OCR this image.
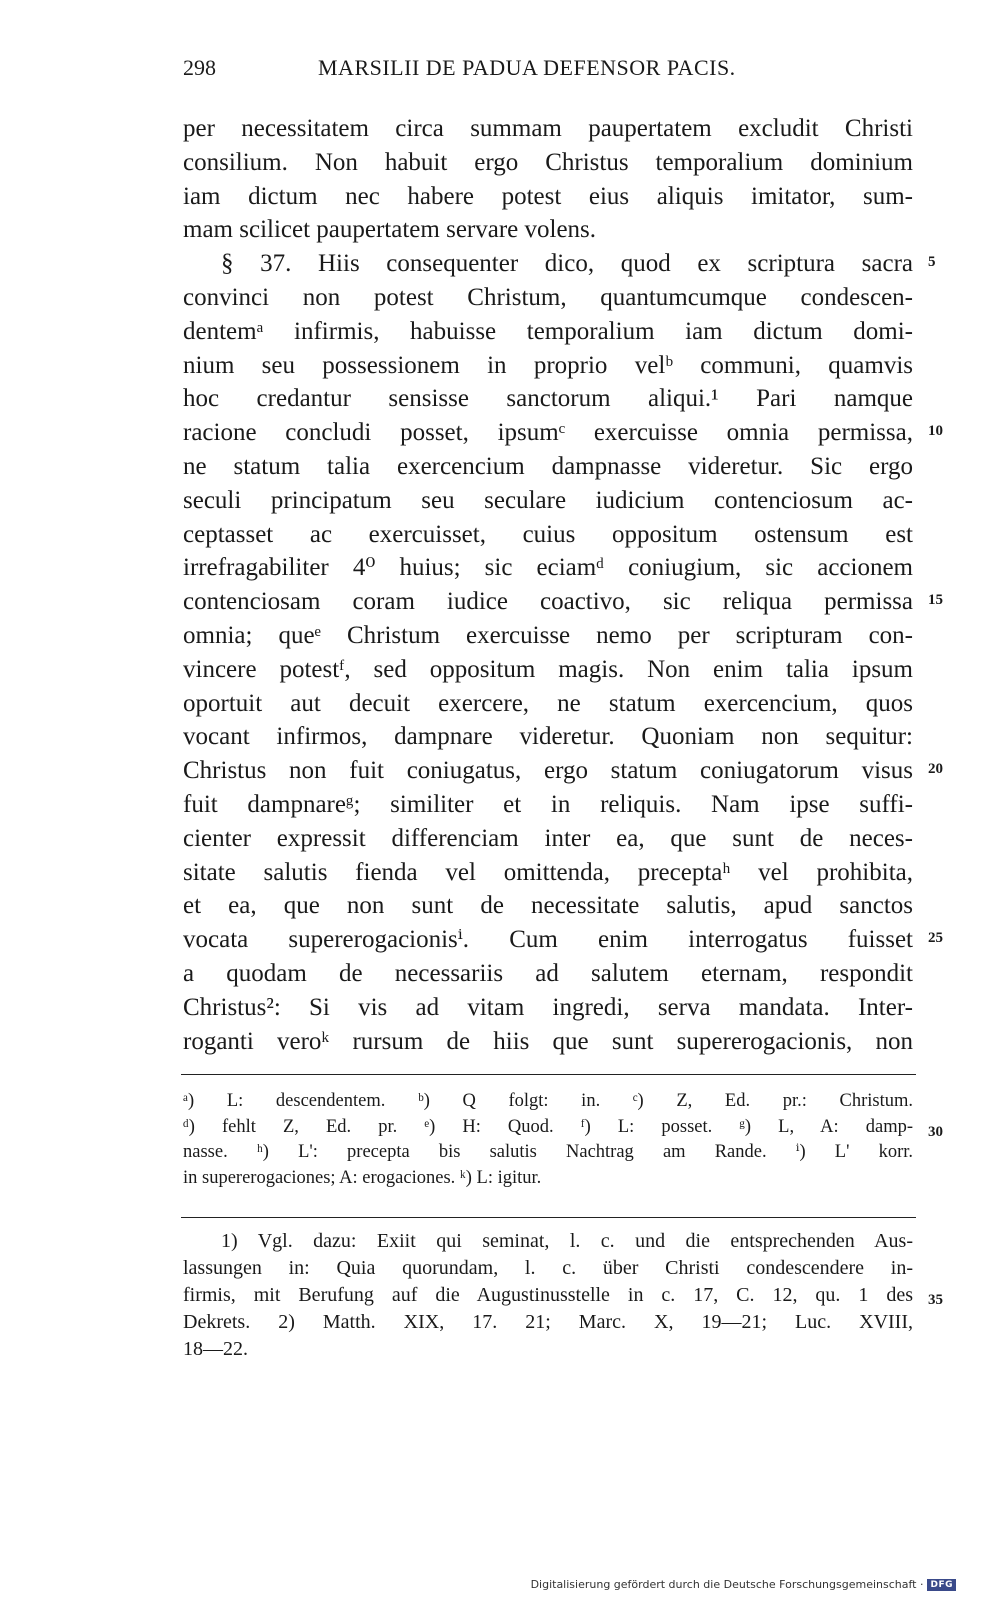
298	MARSILII DE PADUA DEFENSOR PACIS.
per necessitatem circa summam paupertatem excludit Christi
consilium. Non habuit ergo Christus temporalium dominium
iam dictum nec habere potest eius aliquis imitator, sum-
mam scilicet paupertatem servare volens.
§ 37. Hiis consequenter dico, quod ex scriptura sacra
convinci non potest Christum, quantumcumque condescen-
dentemᵃ infirmis, habuisse temporalium iam dictum domi-
nium seu possessionem in proprio velᵇ communi, quamvis
hoc credantur sensisse sanctorum aliqui.¹ Pari namque
racione concludi posset, ipsumᶜ exercuisse omnia permissa,
ne statum talia exercencium dampnasse videretur. Sic ergo
seculi principatum seu seculare iudicium contenciosum ac-
ceptasset ac exercuisset, cuius oppositum ostensum est
irrefragabiliter 4⁰ huius; sic eciamᵈ coniugium, sic accionem
contenciosam coram iudice coactivo, sic reliqua permissa
omnia; queᵉ Christum exercuisse nemo per scripturam con-
vincere potestᶠ, sed oppositum magis. Non enim talia ipsum
oportuit aut decuit exercere, ne statum exercencium, quos
vocant infirmos, dampnare videretur. Quoniam non sequitur:
Christus non fuit coniugatus, ergo statum coniugatorum visus
fuit dampnareᵍ; similiter et in reliquis. Nam ipse suffi-
cienter expressit differenciam inter ea, que sunt de neces-
sitate salutis fienda vel omittenda, preceptaʰ vel prohibita,
et ea, que non sunt de necessitate salutis, apud sanctos
vocata supererogacionisⁱ. Cum enim interrogatus fuisset
a quodam de necessariis ad salutem eternam, respondit
Christus²: Si vis ad vitam ingredi, serva mandata. Inter-
roganti veroᵏ rursum de hiis que sunt supererogacionis, non
5
10
15
20
25
30
35
ᵃ) L: descendentem. ᵇ) Q folgt: in. ᶜ) Z, Ed. pr.: Christum.
ᵈ) fehlt Z, Ed. pr. ᵉ) H: Quod. ᶠ) L: posset. ᵍ) L, A: damp-
nasse. ʰ) L': precepta bis salutis Nachtrag am Rande. ⁱ) L' korr.
in supererogaciones; A: erogaciones. ᵏ) L: igitur.
1) Vgl. dazu: Exiit qui seminat, l. c. und die entsprechenden Aus-
lassungen in: Quia quorundam, l. c. über Christi condescendere in-
firmis, mit Berufung auf die Augustinusstelle in c. 17, C. 12, qu. 1 des
Dekrets. 2) Matth. XIX, 17. 21; Marc. X, 19—21; Luc. XVIII,
18—22.
Digitalisierung gefördert durch die Deutsche Forschungsgemeinschaft · DFG
